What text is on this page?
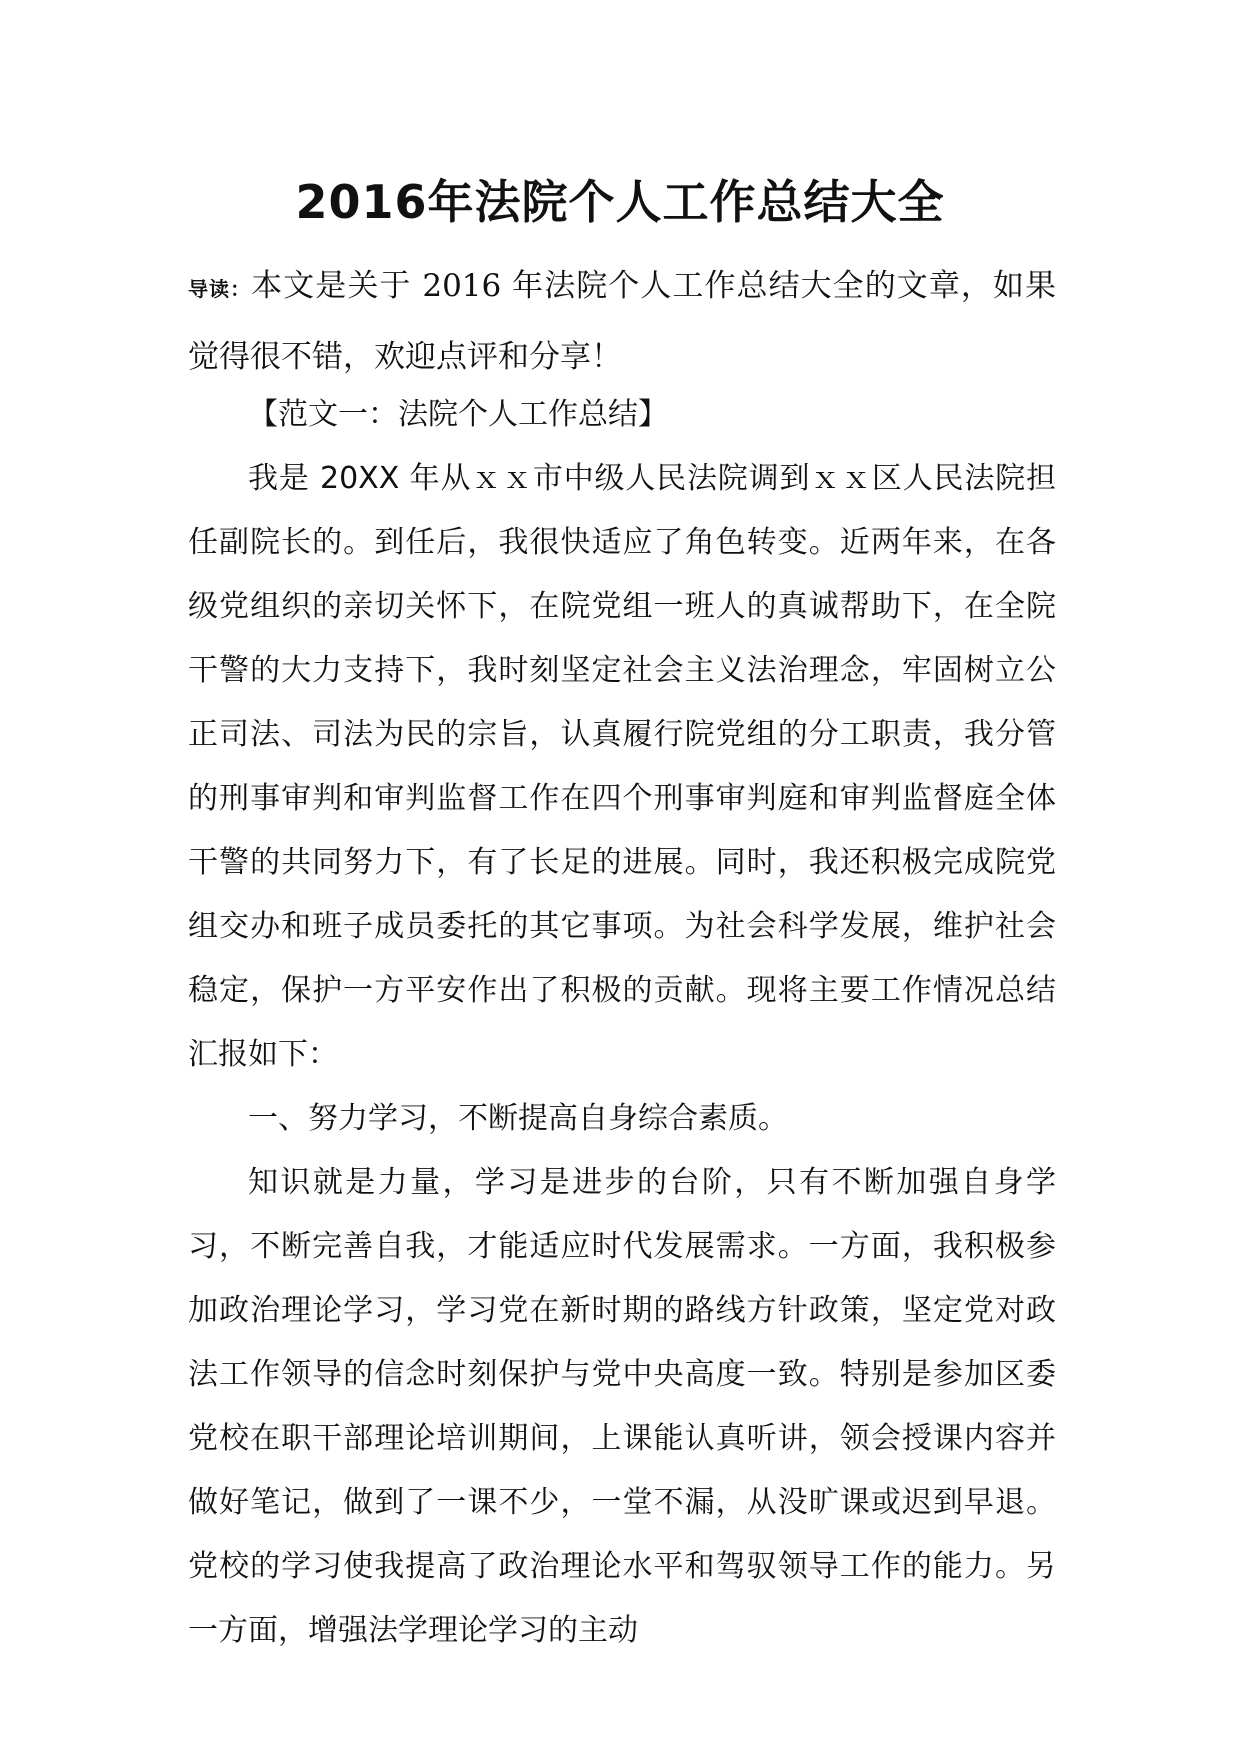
2016年法院个人工作总结大全
导读：本文是关于 2016 年法院个人工作总结大全的文章，如果觉得很不错，欢迎点评和分享！

【范文一：法院个人工作总结】

我是 20XX 年从ｘｘ市中级人民法院调到ｘｘ区人民法院担任副院长的。到任后，我很快适应了角色转变。近两年来，在各级党组织的亲切关怀下，在院党组一班人的真诚帮助下，在全院干警的大力支持下，我时刻坚定社会主义法治理念，牢固树立公正司法、司法为民的宗旨，认真履行院党组的分工职责，我分管的刑事审判和审判监督工作在四个刑事审判庭和审判监督庭全体干警的共同努力下，有了长足的进展。同时，我还积极完成院党组交办和班子成员委托的其它事项。为社会科学发展，维护社会稳定，保护一方平安作出了积极的贡献。现将主要工作情况总结汇报如下：

一、努力学习，不断提高自身综合素质。

知识就是力量，学习是进步的台阶，只有不断加强自身学习，不断完善自我，才能适应时代发展需求。一方面，我积极参加政治理论学习，学习党在新时期的路线方针政策，坚定党对政法工作领导的信念时刻保护与党中央高度一致。特别是参加区委党校在职干部理论培训期间，上课能认真听讲，领会授课内容并做好笔记，做到了一课不少，一堂不漏，从没旷课或迟到早退。党校的学习使我提高了政治理论水平和驾驭领导工作的能力。另一方面，增强法学理论学习的主动
